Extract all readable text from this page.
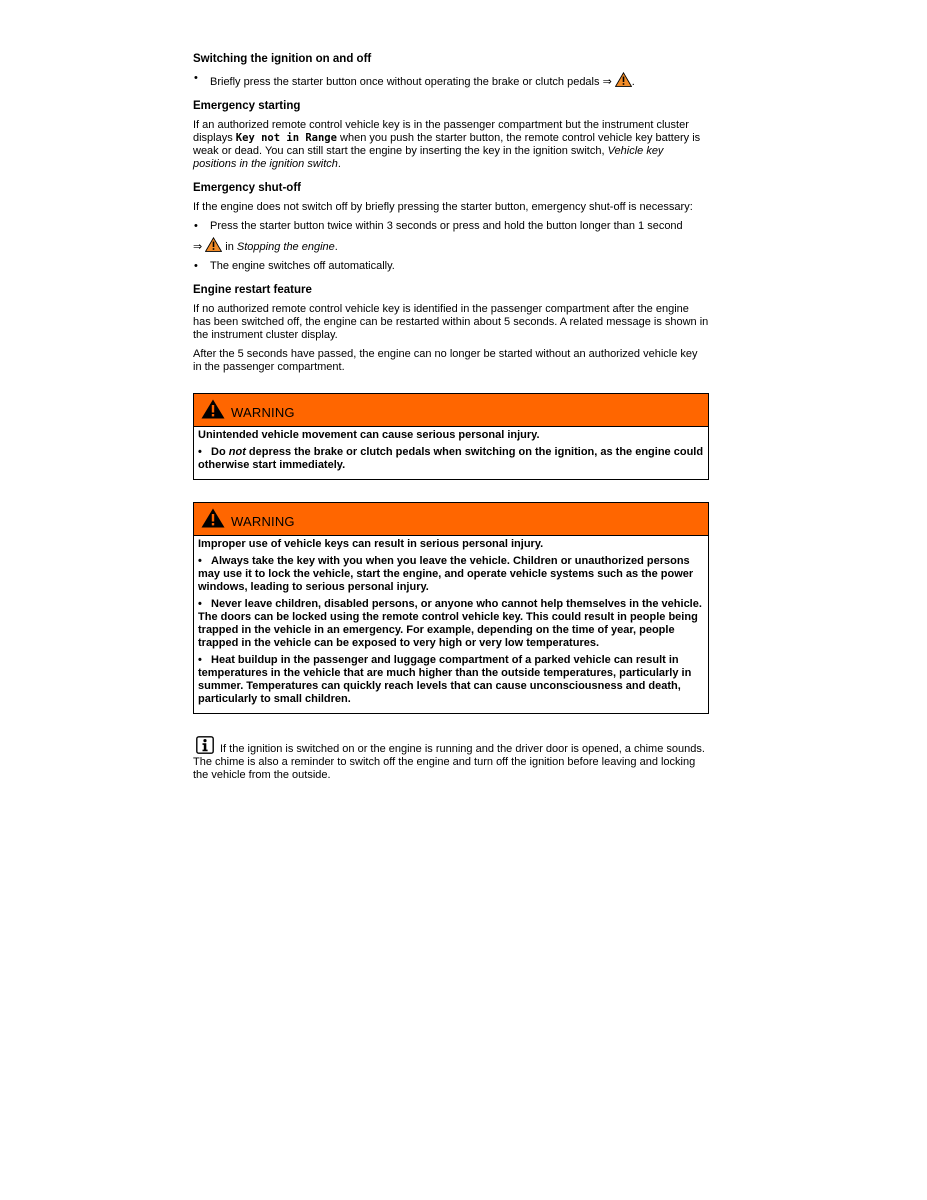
Switching the ignition on and off
• Briefly press the starter button once without operating the brake or clutch pedals ⇒ .
Emergency starting

If an authorized remote control vehicle key is in the passenger compartment but the instrument cluster displays Key not in Range when you push the starter button, the remote control vehicle key battery is weak or dead. You can still start the engine by inserting the key in the ignition switch, Vehicle key positions in the ignition switch.

Emergency shut-off

If the engine does not switch off by briefly pressing the starter button, emergency shut-off is necessary:

• Press the starter button twice within 3 seconds or press and hold the button longer than 1 second

⇒ in Stopping the engine.

• The engine switches off automatically.
Engine restart feature

If no authorized remote control vehicle key is identified in the passenger compartment after the engine has been switched off, the engine can be restarted within about 5 seconds. A related message is shown in the instrument cluster display.

After the 5 seconds have passed, the engine can no longer be started without an authorized vehicle key in the passenger compartment.

WARNING

Unintended vehicle movement can cause serious personal injury.

• Do not depress the brake or clutch pedals when switching on the ignition, as the engine could otherwise start immediately.

WARNING

Improper use of vehicle keys can result in serious personal injury.

• Always take the key with you when you leave the vehicle. Children or unauthorized persons may use it to lock the vehicle, start the engine, and operate vehicle systems such as the power windows, leading to serious personal injury.

• Never leave children, disabled persons, or anyone who cannot help themselves in the vehicle. The doors can be locked using the remote control vehicle key. This could result in people being trapped in the vehicle in an emergency. For example, depending on the time of year, people trapped in the vehicle can be exposed to very high or very low temperatures.

• Heat buildup in the passenger and luggage compartment of a parked vehicle can result in temperatures in the vehicle that are much higher than the outside temperatures, particularly in summer. Temperatures can quickly reach levels that can cause unconsciousness and death, particularly to small children.

If the ignition is switched on or the engine is running and the driver door is opened, a chime sounds. The chime is also a reminder to switch off the engine and turn off the ignition before leaving and locking the vehicle from the outside.
